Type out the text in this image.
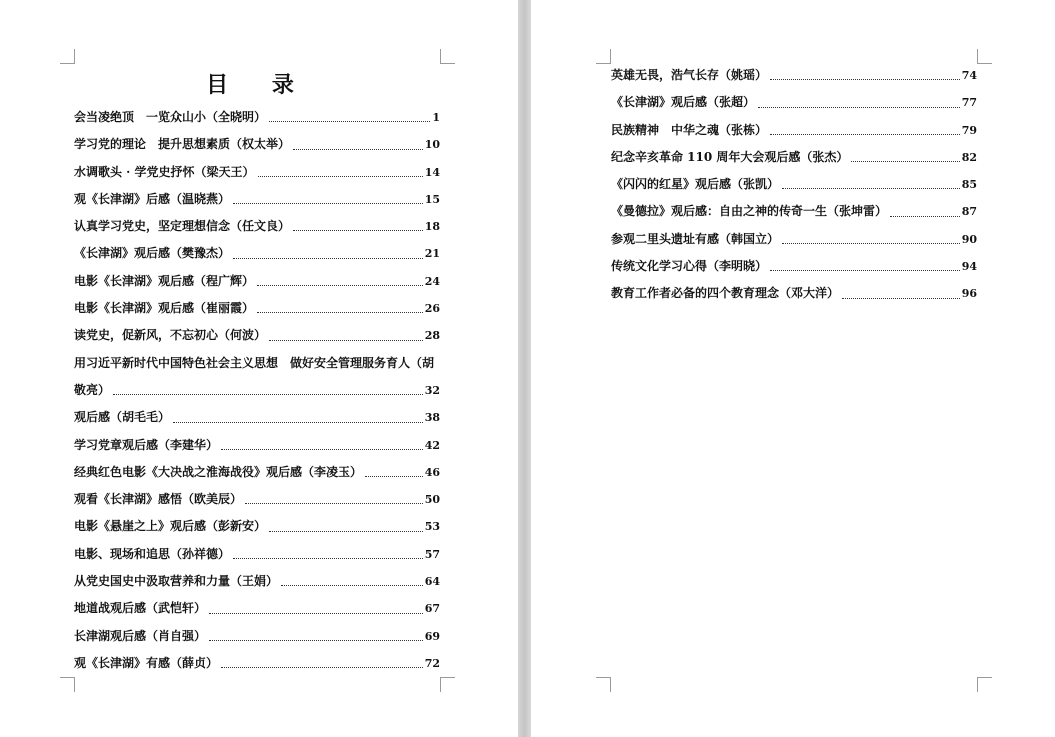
目 录
会当凌绝顶　一览众山小（全晓明）	1
学习党的理论　提升思想素质（权太举）	10
水调歌头 · 学党史抒怀（梁天王）	14
观《长津湖》后感（温晓燕）	15
认真学习党史，坚定理想信念（任文良）	18
《长津湖》观后感（樊豫杰）	21
电影《长津湖》观后感（程广辉）	24
电影《长津湖》观后感（崔丽霞）	26
读党史，促新风，不忘初心（何波）	28
用习近平新时代中国特色社会主义思想　做好安全管理服务育人（胡
敬亮）	32
观后感（胡毛毛）	38
学习党章观后感（李建华）	42
经典红色电影《大决战之淮海战役》观后感（李凌玉）	46
观看《长津湖》感悟（欧美辰）	50
电影《悬崖之上》观后感（彭新安）	53
电影、现场和追思（孙祥德）	57
从党史国史中汲取营养和力量（王娟）	64
地道战观后感（武恺轩）	67
长津湖观后感（肖自强）	69
观《长津湖》有感（薛贞）	72
英雄无畏，浩气长存（姚瑶）	74
《长津湖》观后感（张超）	77
民族精神　中华之魂（张栋）	79
纪念辛亥革命 110 周年大会观后感（张杰）	82
《闪闪的红星》观后感（张凯）	85
《曼德拉》观后感：自由之神的传奇一生（张坤雷）	87
参观二里头遗址有感（韩国立）	90
传统文化学习心得（李明晓）	94
教育工作者必备的四个教育理念（邓大洋）	96
